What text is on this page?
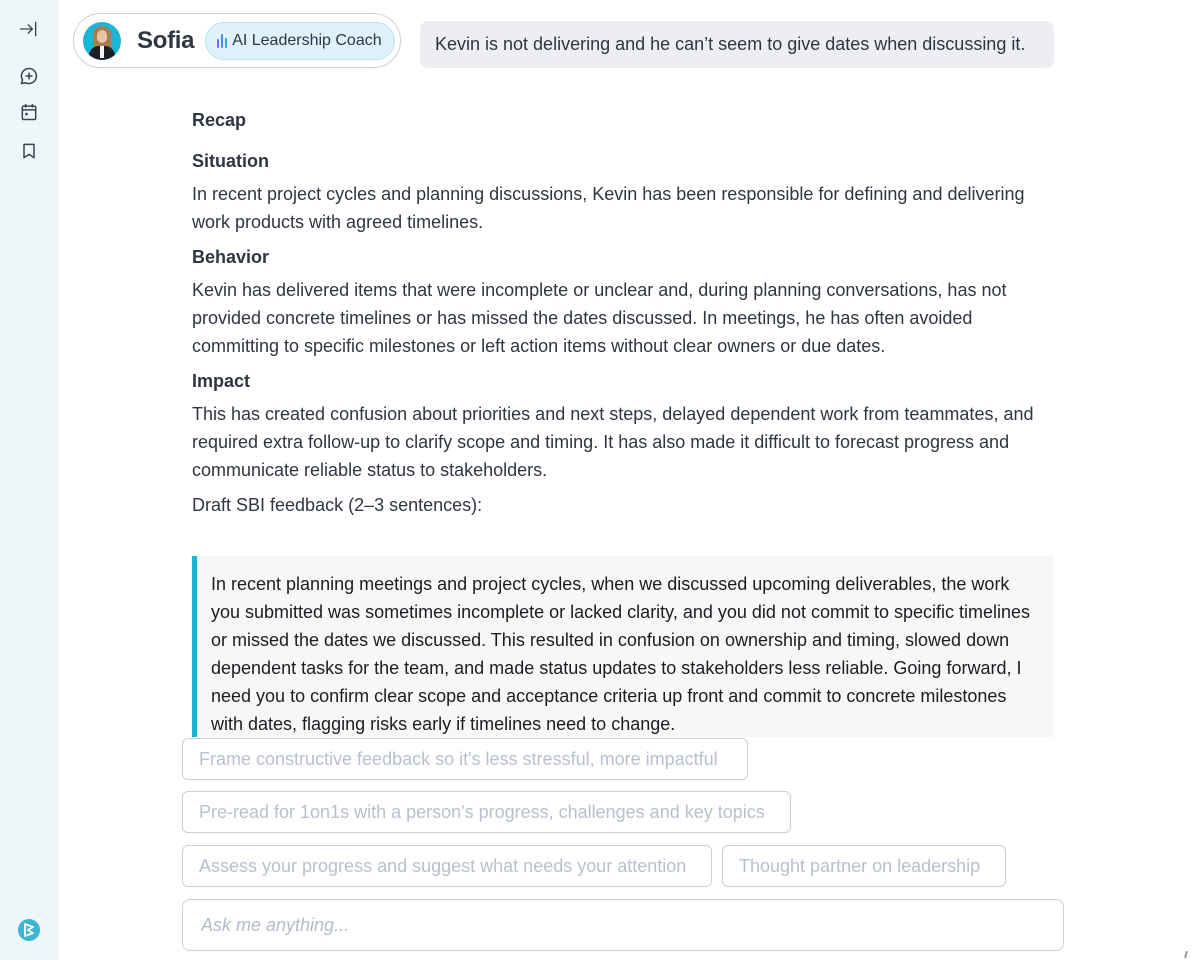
Sofia AI Leadership Coach	Kevin is not delivering and he can’t seem to give dates when discussing it.
Recap
Situation

In recent project cycles and planning discussions, Kevin has been responsible for defining and delivering work products with agreed timelines.

Behavior

Kevin has delivered items that were incomplete or unclear and, during planning conversations, has not provided concrete timelines or has missed the dates discussed. In meetings, he has often avoided committing to specific milestones or left action items without clear owners or due dates.

Impact

This has created confusion about priorities and next steps, delayed dependent work from teammates, and required extra follow-up to clarify scope and timing. It has also made it difficult to forecast progress and communicate reliable status to stakeholders.

Draft SBI feedback (2–3 sentences):

In recent planning meetings and project cycles, when we discussed upcoming deliverables, the work you submitted was sometimes incomplete or lacked clarity, and you did not commit to specific timelines or missed the dates we discussed. This resulted in confusion on ownership and timing, slowed down dependent tasks for the team, and made status updates to stakeholders less reliable. Going forward, I need you to confirm clear scope and acceptance criteria up front and commit to concrete milestones with dates, flagging risks early if timelines need to change.
Frame constructive feedback so it's less stressful, more impactful
Pre-read for 1on1s with a person's progress, challenges and key topics
Assess your progress and suggest what needs your attention	Thought partner on leadership
Ask me anything...
